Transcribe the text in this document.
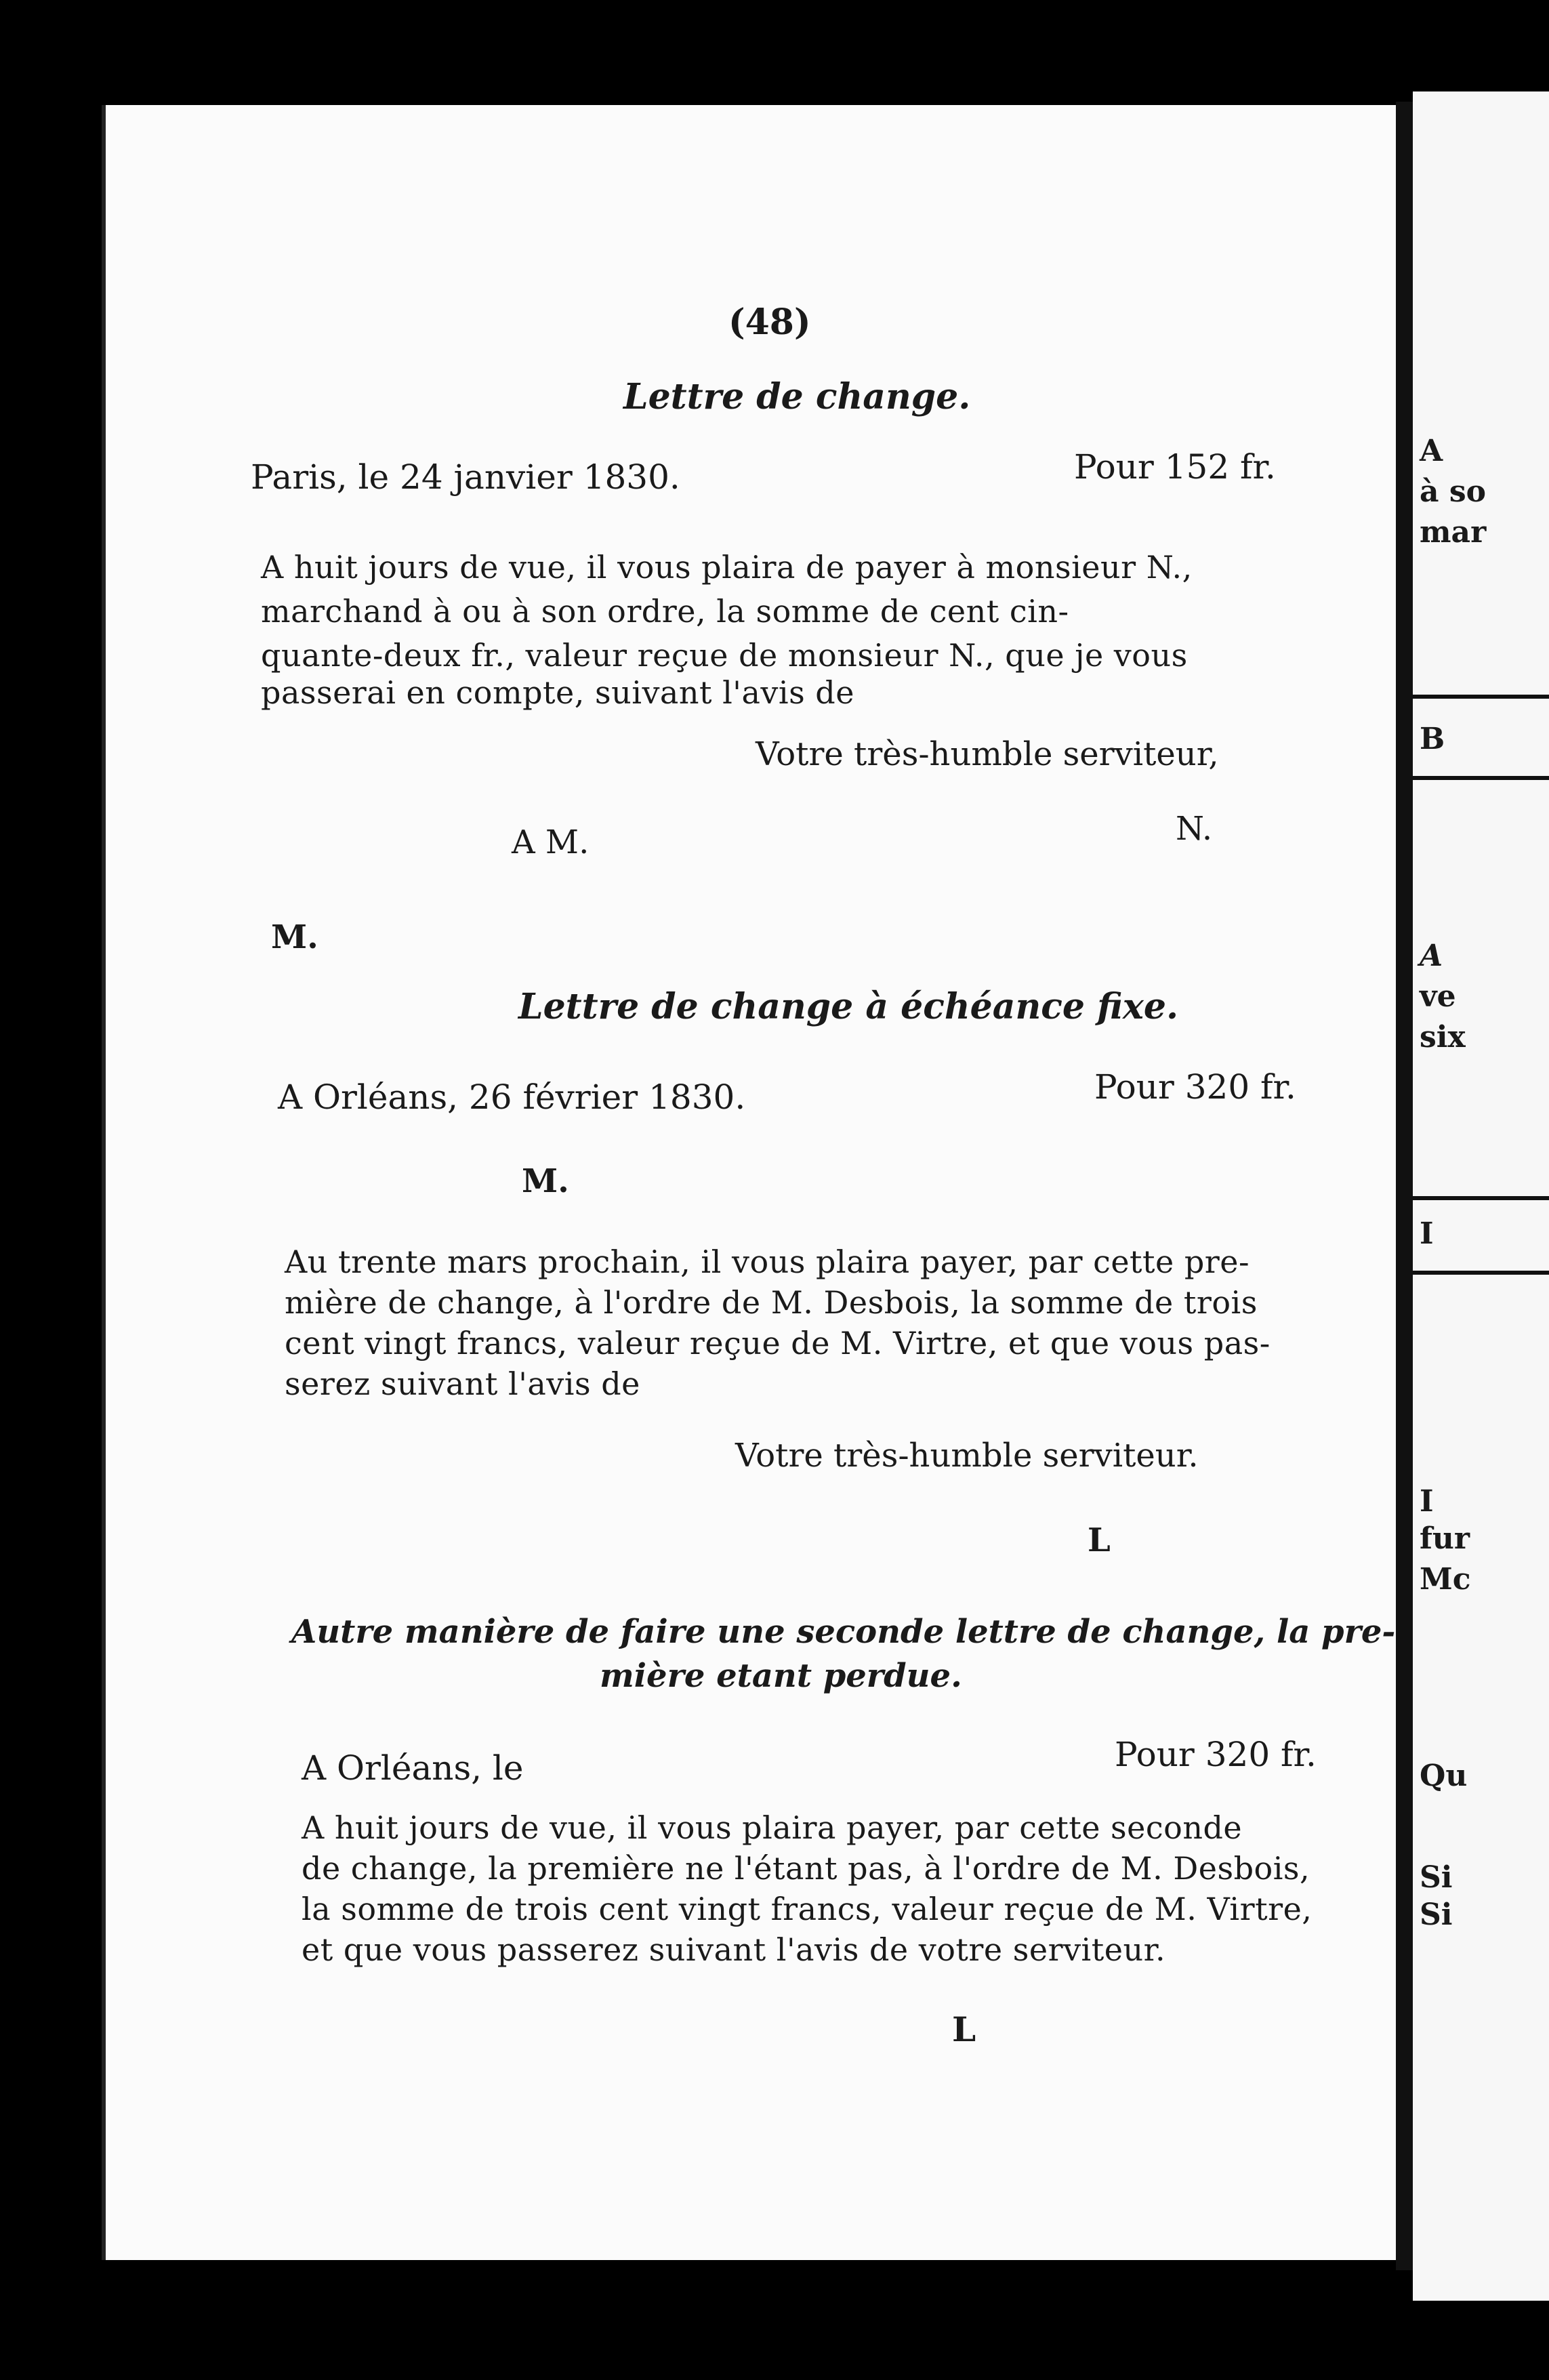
A
à so
mar
B
A
ve
six
I
I
fur
Mc
Qu
Si
Si
(48)
Lettre de change.
Paris, le 24 janvier 1830.	Pour 152 fr.
A huit jours de vue, il vous plaira de payer à monsieur N.,
marchand à ou à son ordre, la somme de cent cin-
quante-deux fr., valeur reçue de monsieur N., que je vous
passerai en compte, suivant l'avis de
Votre très-humble serviteur,
A M.	N.
M.
Lettre de change à échéance fixe.
A Orléans, 26 février 1830.	Pour 320 fr.
M.
Au trente mars prochain, il vous plaira payer, par cette pre-
mière de change, à l'ordre de M. Desbois, la somme de trois
cent vingt francs, valeur reçue de M. Virtre, et que vous pas-
serez suivant l'avis de
Votre très-humble serviteur.
L
Autre manière de faire une seconde lettre de change, la pre-
mière etant perdue.
A Orléans, le	Pour 320 fr.
A huit jours de vue, il vous plaira payer, par cette seconde
de change, la première ne l'étant pas, à l'ordre de M. Desbois,
la somme de trois cent vingt francs, valeur reçue de M. Virtre,
et que vous passerez suivant l'avis de votre serviteur.
L
